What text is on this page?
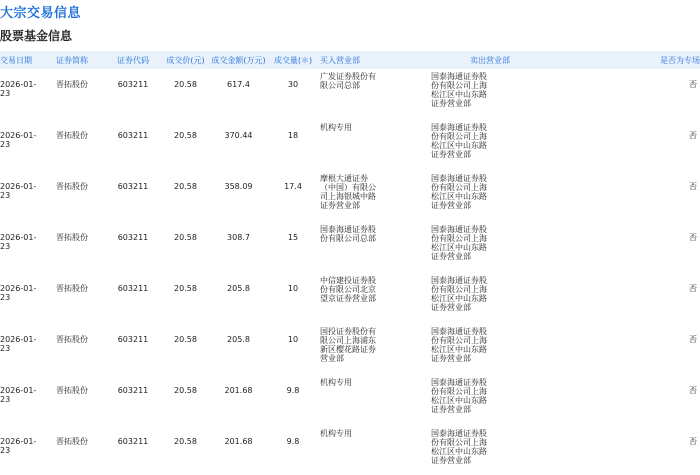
大宗交易信息
股票基金信息
交易日期	证券简称	证券代码	成交价(元)	成交金额(万元)	成交量(＊)	买入营业部	卖出营业部	是否为专场

2026-01-23	晋拓股份	603211	20.58	617.4	30	广发证券股份有限公司总部	国泰海通证券股份有限公司上海松江区中山东路证券营业部	否

2026-01-23	晋拓股份	603211	20.58	370.44	18	机构专用	国泰海通证券股份有限公司上海松江区中山东路证券营业部	否

2026-01-23	晋拓股份	603211	20.58	358.09	17.4	摩根大通证券（中国）有限公司上海银城中路证券营业部	国泰海通证券股份有限公司上海松江区中山东路证券营业部	否

2026-01-23	晋拓股份	603211	20.58	308.7	15	国泰海通证券股份有限公司总部	国泰海通证券股份有限公司上海松江区中山东路证券营业部	否

2026-01-23	晋拓股份	603211	20.58	205.8	10	中信建投证券股份有限公司北京望京证券营业部	国泰海通证券股份有限公司上海松江区中山东路证券营业部	否

2026-01-23	晋拓股份	603211	20.58	205.8	10	国投证券股份有限公司上海浦东新区樱花路证券营业部	国泰海通证券股份有限公司上海松江区中山东路证券营业部	否

2026-01-23	晋拓股份	603211	20.58	201.68	9.8	机构专用	国泰海通证券股份有限公司上海松江区中山东路证券营业部	否

2026-01-23	晋拓股份	603211	20.58	201.68	9.8	机构专用	国泰海通证券股份有限公司上海松江区中山东路证券营业部	否
